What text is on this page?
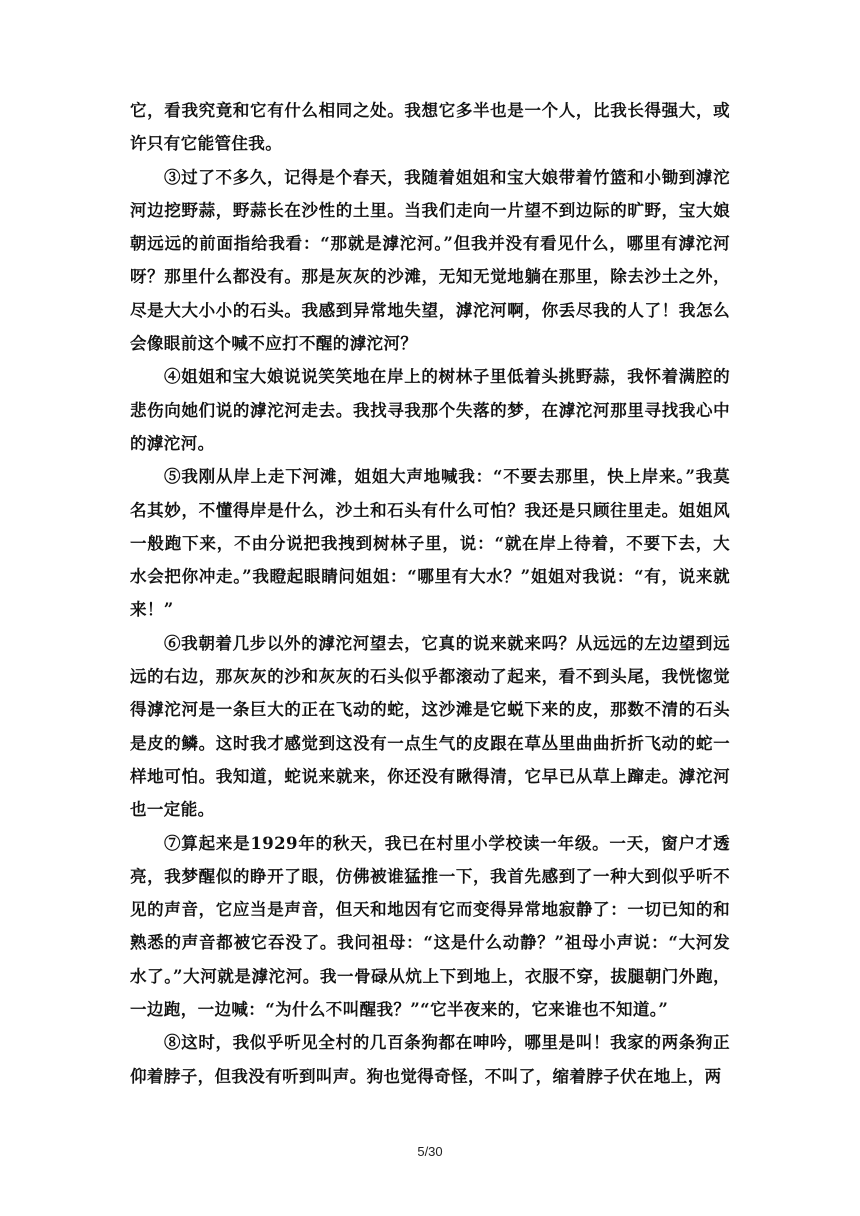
它，看我究竟和它有什么相同之处。我想它多半也是一个人，比我长得强大，或许只有它能管住我。

③过了不多久，记得是个春天，我随着姐姐和宝大娘带着竹篮和小锄到滹沱河边挖野蒜，野蒜长在沙性的土里。当我们走向一片望不到边际的旷野，宝大娘朝远远的前面指给我看：“那就是滹沱河。”但我并没有看见什么，哪里有滹沱河呀？那里什么都没有。那是灰灰的沙滩，无知无觉地躺在那里，除去沙土之外，尽是大大小小的石头。我感到异常地失望，滹沱河啊，你丢尽我的人了！我怎么会像眼前这个喊不应打不醒的滹沱河？

④姐姐和宝大娘说说笑笑地在岸上的树林子里低着头挑野蒜，我怀着满腔的悲伤向她们说的滹沱河走去。我找寻我那个失落的梦，在滹沱河那里寻找我心中的滹沱河。

⑤我刚从岸上走下河滩，姐姐大声地喊我：“不要去那里，快上岸来。”我莫名其妙，不懂得岸是什么，沙土和石头有什么可怕？我还是只顾往里走。姐姐风一般跑下来，不由分说把我拽到树林子里，说：“就在岸上待着，不要下去，大水会把你冲走。”我瞪起眼睛问姐姐：“哪里有大水？”姐姐对我说：“有，说来就来！”

⑥我朝着几步以外的滹沱河望去，它真的说来就来吗？从远远的左边望到远远的右边，那灰灰的沙和灰灰的石头似乎都滚动了起来，看不到头尾，我恍惚觉得滹沱河是一条巨大的正在飞动的蛇，这沙滩是它蜕下来的皮，那数不清的石头是皮的鳞。这时我才感觉到这没有一点生气的皮跟在草丛里曲曲折折飞动的蛇一样地可怕。我知道，蛇说来就来，你还没有瞅得清，它早已从草上蹿走。滹沱河也一定能。

⑦算起来是1929年的秋天，我已在村里小学校读一年级。一天，窗户才透亮，我梦醒似的睁开了眼，仿佛被谁猛推一下，我首先感到了一种大到似乎听不见的声音，它应当是声音，但天和地因有它而变得异常地寂静了：一切已知的和熟悉的声音都被它吞没了。我问祖母：“这是什么动静？”祖母小声说：“大河发水了。”大河就是滹沱河。我一骨碌从炕上下到地上，衣服不穿，拔腿朝门外跑，一边跑，一边喊：“为什么不叫醒我？”“它半夜来的，它来谁也不知道。”

⑧这时，我似乎听见全村的几百条狗都在呻吟，哪里是叫！我家的两条狗正仰着脖子，但我没有听到叫声。狗也觉得奇怪，不叫了，缩着脖子伏在地上，两

5/30
